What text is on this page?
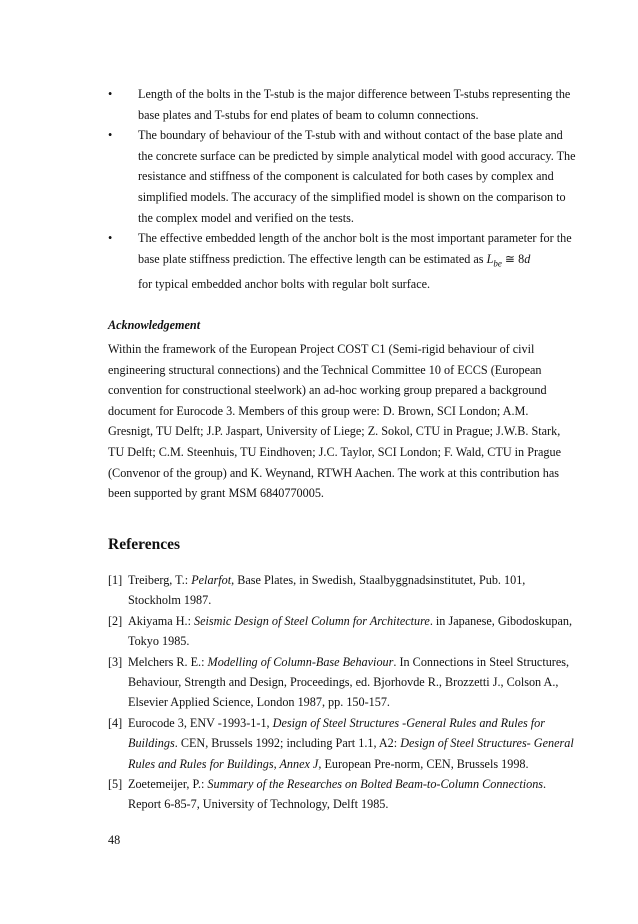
• Length of the bolts in the T-stub is the major difference between T-stubs representing the base plates and T-stubs for end plates of beam to column connections.
• The boundary of behaviour of the T-stub with and without contact of the base plate and the concrete surface can be predicted by simple analytical model with good accuracy. The resistance and stiffness of the component is calculated for both cases by complex and simplified models. The accuracy of the simplified model is shown on the comparison to the complex model and verified on the tests.
• The effective embedded length of the anchor bolt is the most important parameter for the base plate stiffness prediction. The effective length can be estimated as $L_{be}$ ≅ 8d
for typical embedded anchor bolts with regular bolt surface.
Acknowledgement
Within the framework of the European Project COST C1 (Semi-rigid behaviour of civil engineering structural connections) and the Technical Committee 10 of ECCS (European convention for constructional steelwork) an ad-hoc working group prepared a background document for Eurocode 3. Members of this group were: D. Brown, SCI London; A.M. Gresnigt, TU Delft; J.P. Jaspart, University of Liege; Z. Sokol, CTU in Prague; J.W.B. Stark, TU Delft; C.M. Steenhuis, TU Eindhoven; J.C. Taylor, SCI London; F. Wald, CTU in Prague (Convenor of the group) and K. Weynand, RTWH Aachen. The work at this contribution has been supported by grant MSM 6840770005.
References
[1] Treiberg, T.: Pelarfot, Base Plates, in Swedish, Staalbyggnadsinstitutet, Pub. 101, Stockholm 1987.
[2] Akiyama H.: Seismic Design of Steel Column for Architecture. in Japanese, Gibodoskupan, Tokyo 1985.
[3] Melchers R. E.: Modelling of Column-Base Behaviour. In Connections in Steel Structures, Behaviour, Strength and Design, Proceedings, ed. Bjorhovde R., Brozzetti J., Colson A., Elsevier Applied Science, London 1987, pp. 150-157.
[4] Eurocode 3, ENV -1993-1-1, Design of Steel Structures -General Rules and Rules for Buildings. CEN, Brussels 1992; including Part 1.1, A2: Design of Steel Structures- General Rules and Rules for Buildings, Annex J, European Pre-norm, CEN, Brussels 1998.
[5] Zoetemeijer, P.: Summary of the Researches on Bolted Beam-to-Column Connections. Report 6-85-7, University of Technology, Delft 1985.
48
